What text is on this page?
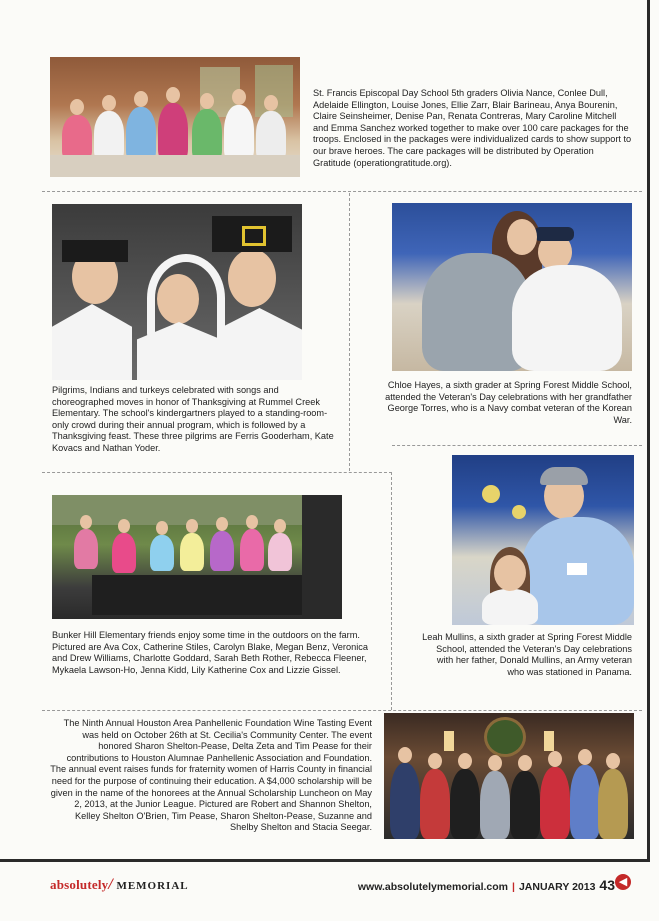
St. Francis Episcopal Day School 5th graders Olivia Nance, Conlee Dull, Adelaide Ellington, Louise Jones, Ellie Zarr, Blair Barineau, Anya Bourenin, Claire Seinsheimer, Denise Pan, Renata Contreras, Mary Caroline Mitchell and Emma Sanchez worked together to make over 100 care packages for the troops. Enclosed in the packages were individualized cards to show support to our brave heroes. The care packages will be distributed by Operation Gratitude (operationgratitude.org).
Pilgrims, Indians and turkeys celebrated with songs and choreographed moves in honor of Thanksgiving at Rummel Creek Elementary. The school's kindergartners played to a standing-room-only crowd during their annual program, which is followed by a Thanksgiving feast. These three pilgrims are Ferris Gooderham, Kate Kovacs and Nathan Yoder.
Chloe Hayes, a sixth grader at Spring Forest Middle School, attended the Veteran's Day celebrations with her grandfather George Torres, who is a Navy combat veteran of the Korean War.
Bunker Hill Elementary friends enjoy some time in the outdoors on the farm. Pictured are Ava Cox, Catherine Stiles, Carolyn Blake, Megan Benz, Veronica and Drew Williams, Charlotte Goddard, Sarah Beth Rother, Rebecca Fleener, Mykaela Lawson-Ho, Jenna Kidd, Lily Katherine Cox and Lizzie Gissel.
Leah Mullins, a sixth grader at Spring Forest Middle School, attended the Veteran's Day celebrations with her father, Donald Mullins, an Army veteran who was stationed in Panama.
The Ninth Annual Houston Area Panhellenic Foundation Wine Tasting Event was held on October 26th at St. Cecilia's Community Center. The event honored Sharon Shelton-Pease, Delta Zeta and Tim Pease for their contributions to Houston Alumnae Panhellenic Association and Foundation. The annual event raises funds for fraternity women of Harris County in financial need for the purpose of continuing their education. A $4,000 scholarship will be given in the name of the honorees at the Annual Scholarship Luncheon on May 2, 2013, at the Junior League. Pictured are Robert and Shannon Shelton, Kelley Shelton O'Brien, Tim Pease, Sharon Shelton-Pease, Suzanne and Shelby Shelton and Stacia Seegar.
absolutely/ MEMORIAL	www.absolutelymemorial.com | JANUARY 2013 43 ◀
